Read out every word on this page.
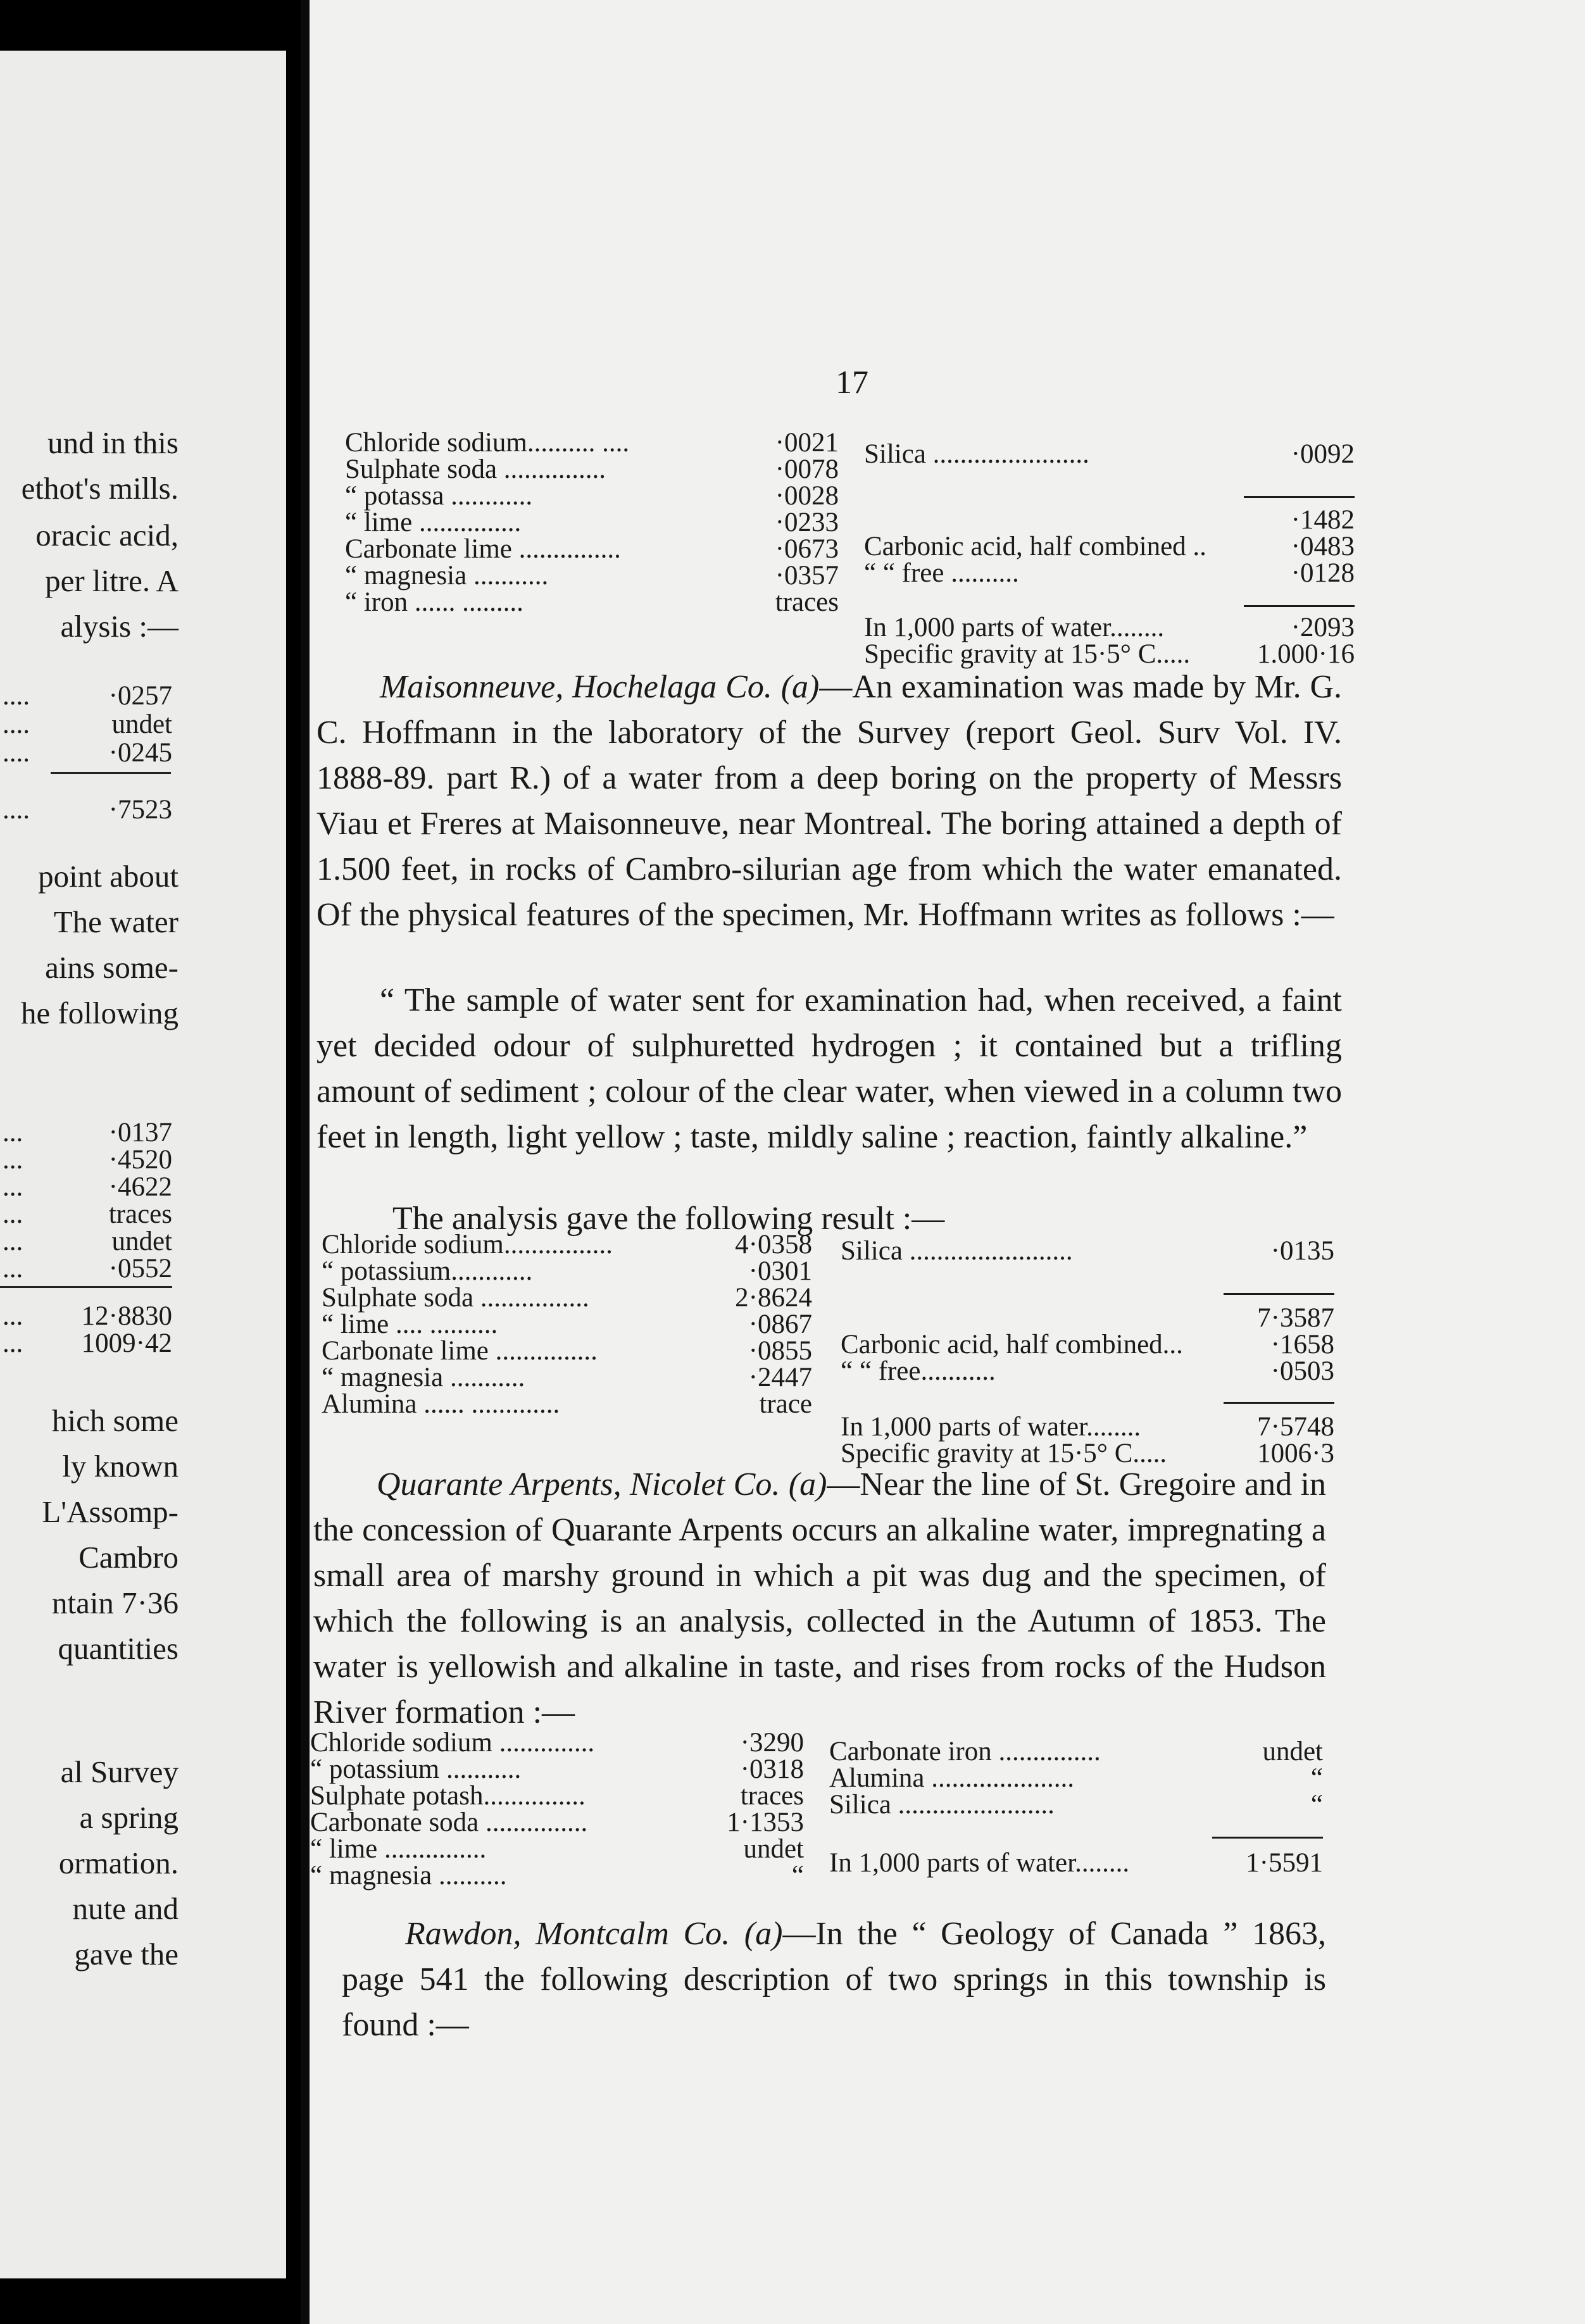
und in this
ethot's mills.
oracic acid,
per litre. A
alysis :—
....	·0257
....	undet
....	·0245
....	·7523
point about
The water
ains some-
he following
...	·0137
...	·4520
...	·4622
...	traces
...	undet
...	·0552
... 12·8830
... 1009·42
hich some
ly known
L'Assomp-
Cambro
ntain 7·36
quantities
al Survey
a spring
ormation.
nute and
gave the
17
Chloride sodium.......... ....	·0021
Sulphate soda ...............	·0078
“ potassa ............	·0028
“ lime ...............	·0233
Carbonate lime ...............	·0673
“ magnesia ...........	·0357
“ iron ...... .........	traces
Silica .......................	·0092
·1482
Carbonic acid, half combined ..	·0483
“ “ free ..........	·0128
In 1,000 parts of water........	·2093
Specific gravity at 15·5° C..... 1.000·16

Maisonneuve, Hochelaga Co. (a)—An examination was made by Mr. G. C. Hoffmann in the laboratory of the Survey (report Geol. Surv Vol. IV. 1888-89. part R.) of a water from a deep boring on the property of Messrs Viau et Freres at Maisonneuve, near Montreal. The boring attained a depth of 1.500 feet, in rocks of Cambro-silurian age from which the water emanated. Of the physical features of the specimen, Mr. Hoffmann writes as follows :—

“ The sample of water sent for examination had, when received, a faint yet decided odour of sulphuretted hydrogen ; it contained but a trifling amount of sediment ; colour of the clear water, when viewed in a column two feet in length, light yellow ; taste, mildly saline ; reaction, faintly alkaline.”

The analysis gave the following result :—
Chloride sodium................	4·0358
“ potassium............	·0301
Sulphate soda ................	2·8624
“ lime .... ..........	·0867
Carbonate lime ...............	·0855
“ magnesia ...........	·2447
Alumina ...... .............	trace
Silica ........................	·0135
7·3587
Carbonic acid, half combined...	·1658
“ “ free...........	·0503
In 1,000 parts of water........	7·5748
Specific gravity at 15·5° C.....	1006·3

Quarante Arpents, Nicolet Co. (a)—Near the line of St. Gregoire and in the concession of Quarante Arpents occurs an alkaline water, impregnating a small area of marshy ground in which a pit was dug and the specimen, of which the following is an analysis, collected in the Autumn of 1853. The water is yellowish and alkaline in taste, and rises from rocks of the Hudson River formation :—

Chloride sodium ..............	·3290
“ potassium ...........	·0318
Sulphate potash...............	traces
Carbonate soda ...............	1·1353
“ lime ...............	undet
“ magnesia ..........	“
Carbonate iron ...............	undet
Alumina .....................	“
Silica .......................	“
In 1,000 parts of water........	1·5591

Rawdon, Montcalm Co. (a)—In the “ Geology of Canada ” 1863, page 541 the following description of two springs in this township is found :—
